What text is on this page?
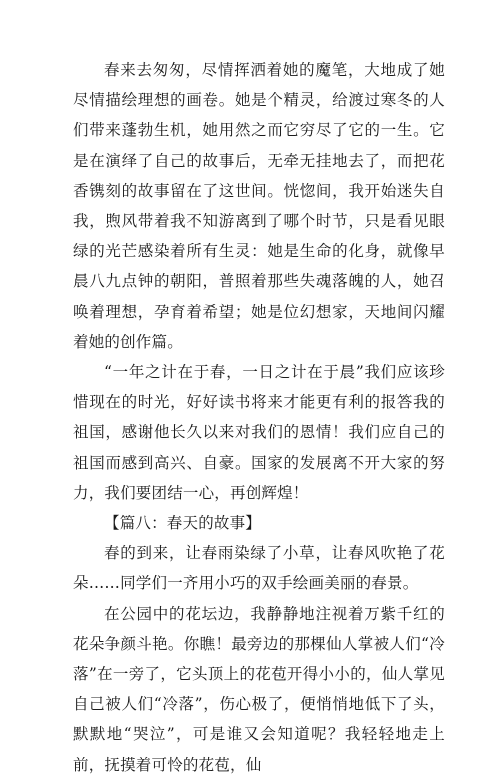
春来去匆匆，尽情挥洒着她的魔笔，大地成了她尽情描绘理想的画卷。她是个精灵，给渡过寒冬的人们带来蓬勃生机，她用然之而它穷尽了它的一生。它是在演绎了自己的故事后，无牵无挂地去了，而把花香镌刻的故事留在了这世间。恍惚间，我开始迷失自我，煦风带着我不知游离到了哪个时节，只是看见眼绿的光芒感染着所有生灵：她是生命的化身，就像早晨八九点钟的朝阳，普照着那些失魂落魄的人，她召唤着理想，孕育着希望；她是位幻想家，天地间闪耀着她的创作篇。

“一年之计在于春，一日之计在于晨”我们应该珍惜现在的时光，好好读书将来才能更有利的报答我的祖国，感谢他长久以来对我们的恩情！我们应自己的祖国而感到高兴、自豪。国家的发展离不开大家的努力，我们要团结一心，再创辉煌！

【篇八：春天的故事】

春的到来，让春雨染绿了小草，让春风吹艳了花朵……同学们一齐用小巧的双手绘画美丽的春景。

在公园中的花坛边，我静静地注视着万紫千红的花朵争颜斗艳。你瞧！最旁边的那棵仙人掌被人们“冷落”在一旁了，它头顶上的花苞开得小小的，仙人掌见自己被人们“冷落”，伤心极了，便悄悄地低下了头，默默地“哭泣”，可是谁又会知道呢？我轻轻地走上前，抚摸着可怜的花苞，仙
